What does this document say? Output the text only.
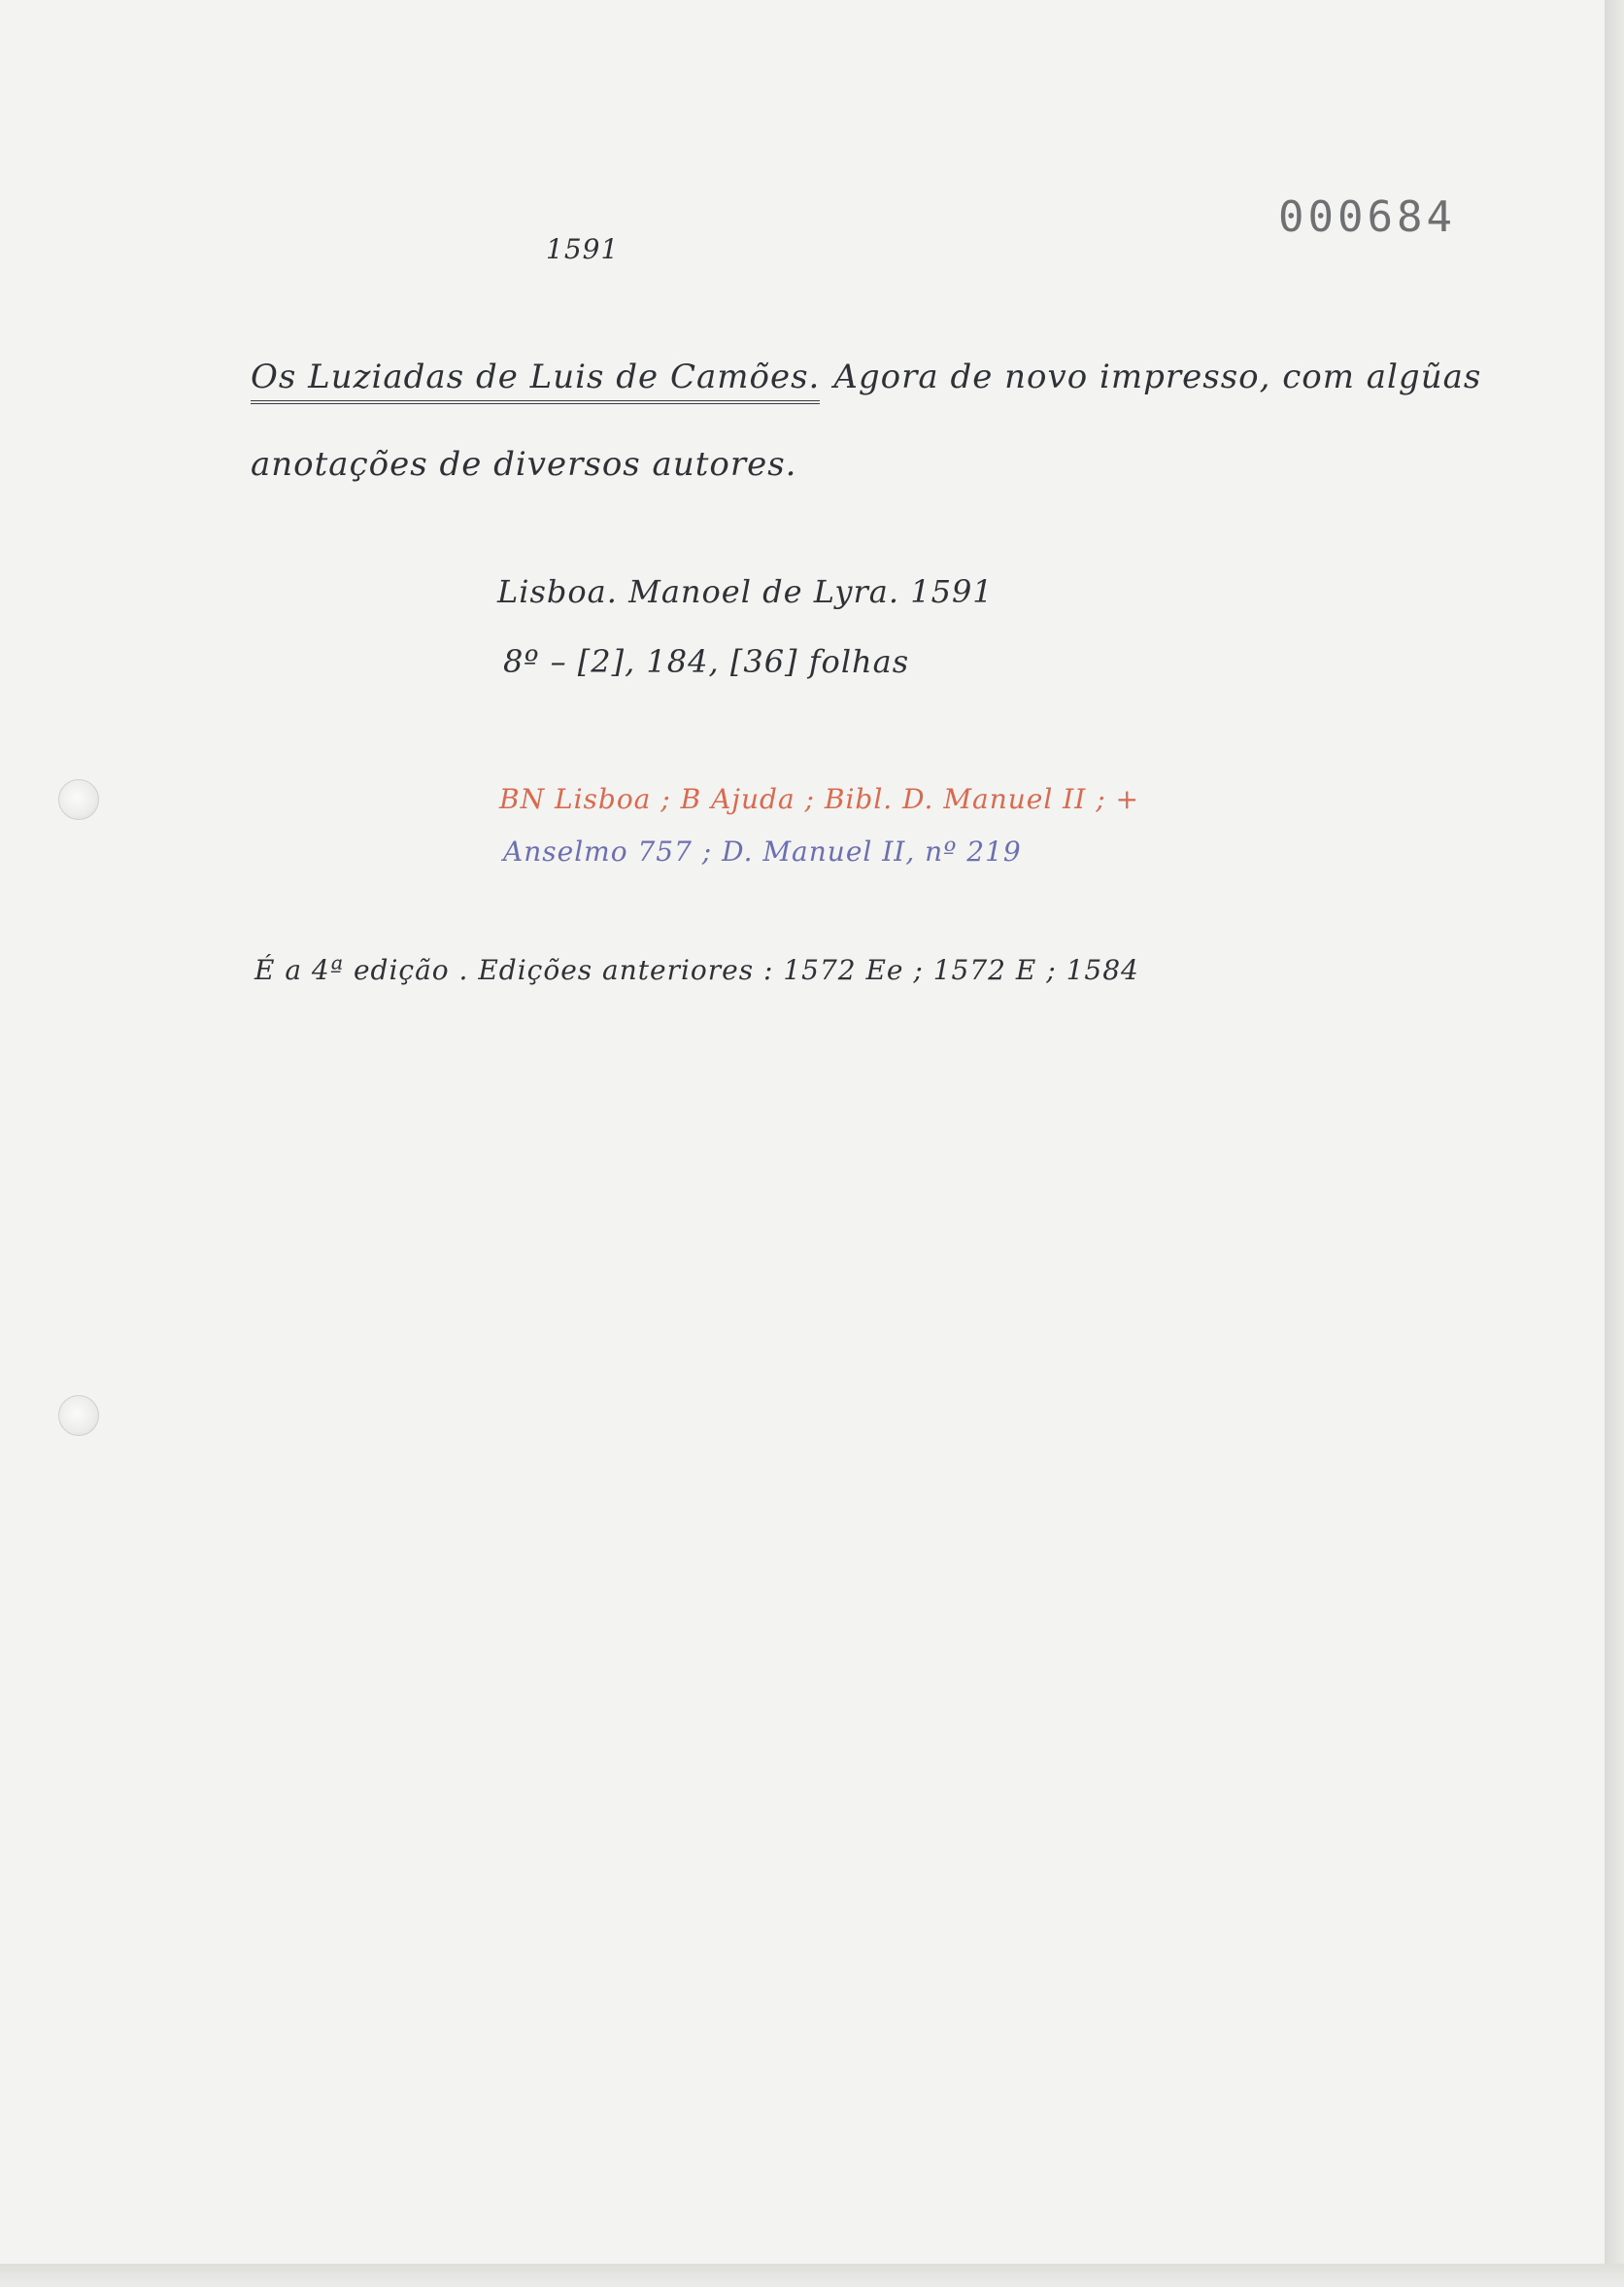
000684
1591
Os Luziadas de Luis de Camões. Agora de novo impresso, com algũas
anotações de diversos autores.
Lisboa. Manoel de Lyra. 1591
8º – [2], 184, [36] folhas
BN Lisboa ; B Ajuda ; Bibl. D. Manuel II ; +
Anselmo 757 ; D. Manuel II, nº 219
É a 4ª edição . Edições anteriores : 1572 Ee ; 1572 E ; 1584
